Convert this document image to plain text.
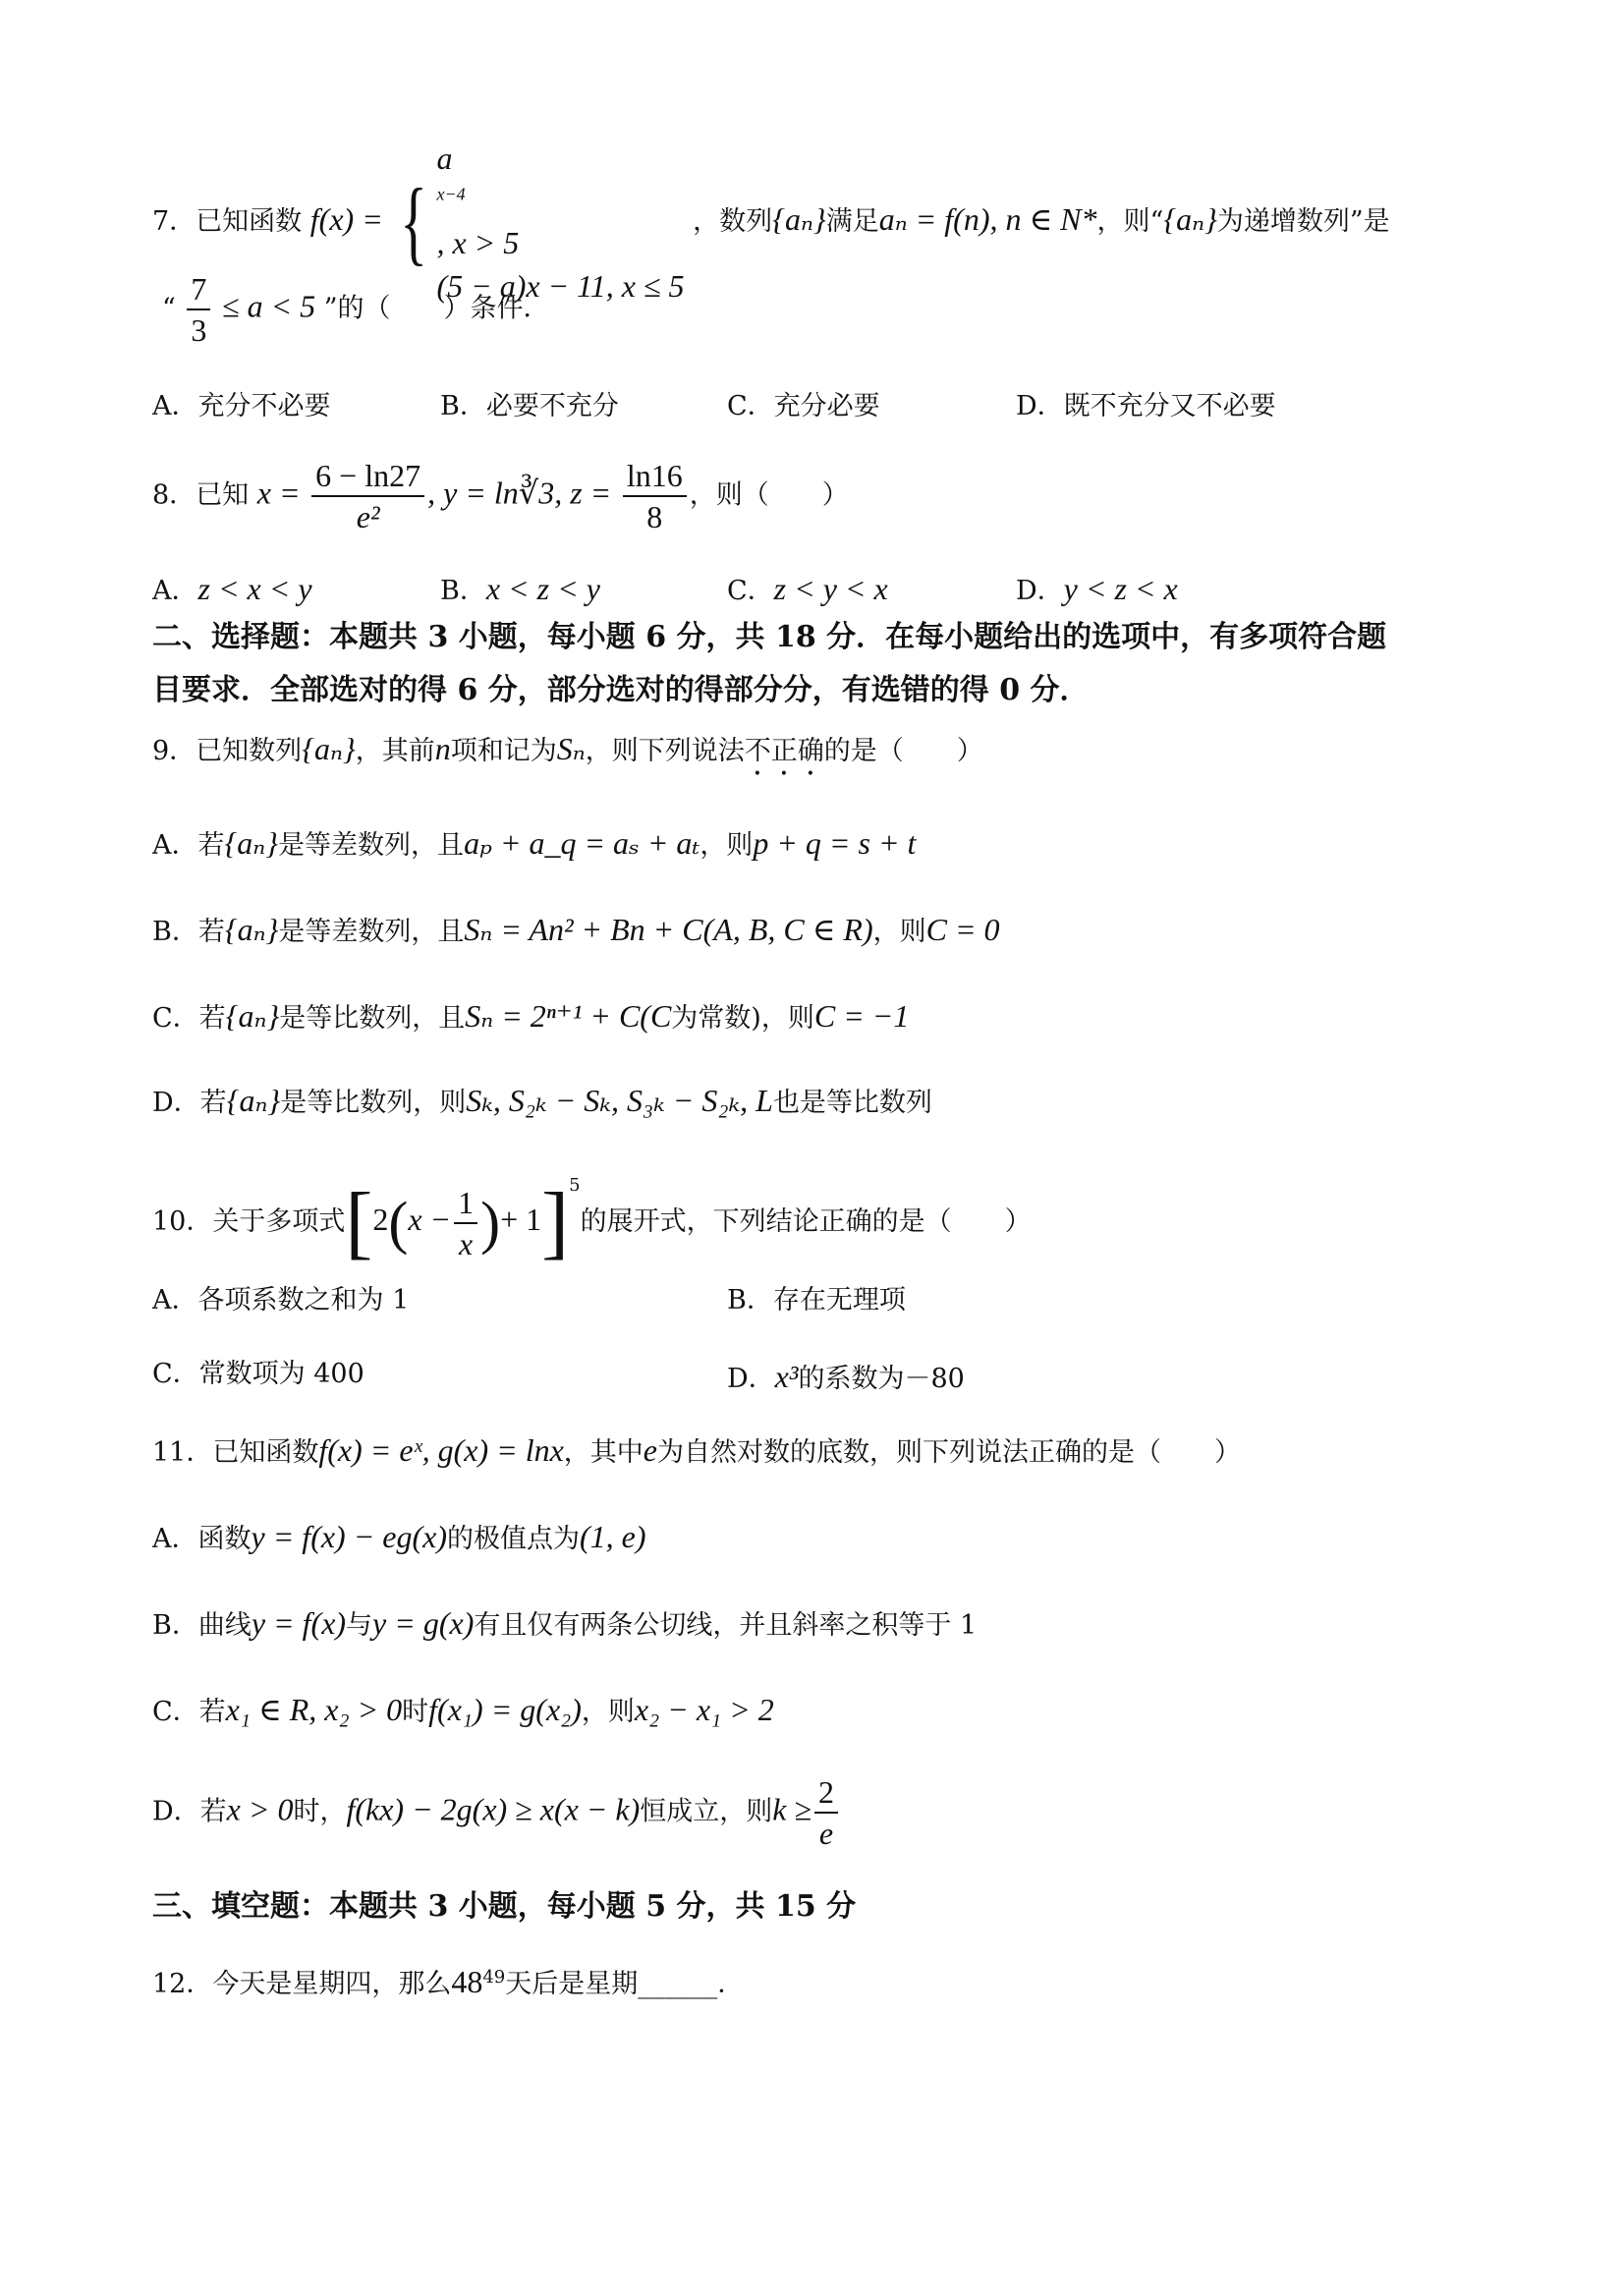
7．已知函数 f(x) = {
a
$^{x-4}$
, x > 5
(5 − a)x − 11, x ≤ 5
，数列{aₙ}满足aₙ = f(n), n ∈ N*，则“{aₙ}为递增数列”是
“ $\frac{7}{3} \le a < 5$ ”的（　　）条件．
A．充分不必要	B．必要不充分	C．充分必要	D．既不充分又不必要
8．已知 $x = \frac{6 - \ln 27}{\text{e²}}$ , y = ln∛3, $z = \frac{\ln 16}{8}$ ，则（　　）
A．z < x < y	B．x < z < y	C．z < y < x	D．y < z < x
二、选择题：本题共 3 小题，每小题 6 分，共 18 分．在每小题给出的选项中，有多项符合题
目要求．全部选对的得 6 分，部分选对的得部分分，有选错的得 0 分．
9．已知数列{aₙ}，其前n项和记为Sₙ，则下列说法不正确的是（　　）
A．若{aₙ}是等差数列，且aₚ + a_q = aₛ + aₜ，则p + q = s + t
B．若{aₙ}是等差数列，且Sₙ = An² + Bn + C(A, B, C ∈ R)，则C = 0
C．若{aₙ}是等比数列，且Sₙ = 2ⁿ⁺¹ + C(C为常数)，则C = −1
D．若{aₙ}是等比数列，则Sₖ, S₂ₖ − Sₖ, S₃ₖ − S₂ₖ, L也是等比数列
10．关于多项式[$2(x - \frac{1}{x}$ )+ 1]$^5$的展开式，下列结论正确的是（　　）
A．各项系数之和为 1	B．存在无理项
C．常数项为 400	D．x³的系数为－80
11．已知函数f(x) = eˣ, g(x) = lnx，其中e为自然对数的底数，则下列说法正确的是（　　）
A．函数y = f(x) − eg(x)的极值点为(1, e)
B．曲线y = f(x)与y = g(x)有且仅有两条公切线，并且斜率之积等于 1
C．若x₁ ∈ R, x₂ > 0时f(x₁) = g(x₂)，则x₂ − x₁ > 2
D．若x > 0时，f(kx) − 2g(x) ≥ x(x − k)恒成立，则$k \ge \frac{2}{e}$
三、填空题：本题共 3 小题，每小题 5 分，共 15 分
12．今天是星期四，那么$48^{49}$天后是星期______．
